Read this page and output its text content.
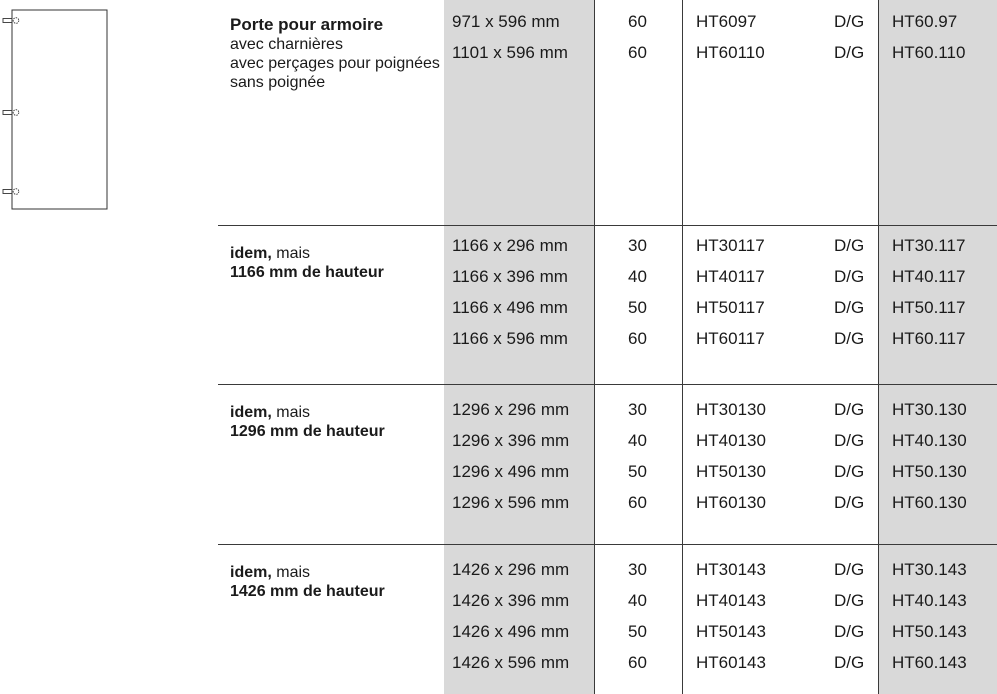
Porte pour armoire
avec charnières
avec perçages pour poignées
sans poignée
971 x 596 mm	60	HT6097	D/G HT60.97
1101 x 596 mm	60	HT60110	D/G HT60.110
idem, mais
1166 mm de hauteur
1166 x 296 mm	30	HT30117	D/G HT30.117
1166 x 396 mm	40	HT40117	D/G HT40.117
1166 x 496 mm	50	HT50117	D/G HT50.117
1166 x 596 mm	60	HT60117	D/G HT60.117
idem, mais
1296 mm de hauteur
1296 x 296 mm	30	HT30130	D/G HT30.130
1296 x 396 mm	40	HT40130	D/G HT40.130
1296 x 496 mm	50	HT50130	D/G HT50.130
1296 x 596 mm	60	HT60130	D/G HT60.130
idem, mais
1426 mm de hauteur
1426 x 296 mm	30	HT30143	D/G HT30.143
1426 x 396 mm	40	HT40143	D/G HT40.143
1426 x 496 mm	50	HT50143	D/G HT50.143
1426 x 596 mm	60	HT60143	D/G HT60.143
